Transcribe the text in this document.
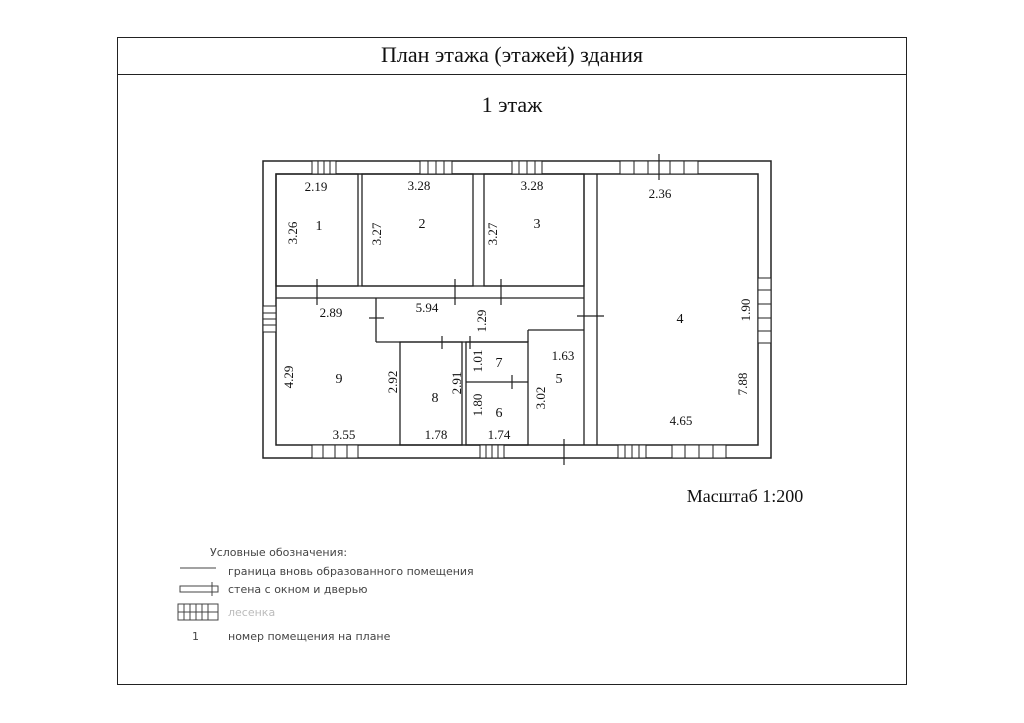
План этажа (этажей) здания
1 этаж
1	2	3
4
5
6
7
8
9
2.19
3.26
3.28
3.27
3.28
3.27
2.36
1.90
4.65
7.88
5.94
2.89	1.29
1.63
3.02
1.74
1.80
1.01
1.78
2.91
3.55
4.29	2.92
Масштаб 1:200
Условные обозначения:
граница вновь образованного помещения
стена с окном и дверью
лесенка
1	номер помещения на плане
